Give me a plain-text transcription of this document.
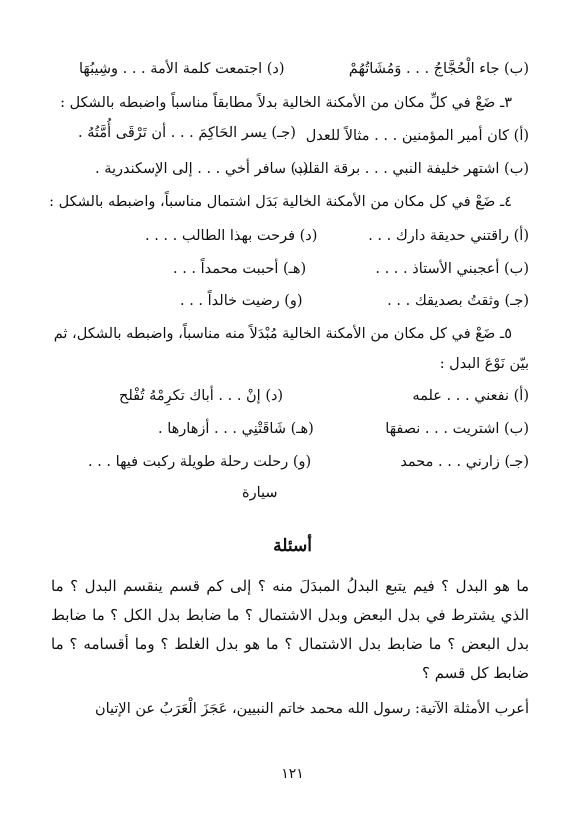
(ب) جاء الْحُجَّاجُ . . . وَمُشَاتُهُمْ
(د) اجتمعت كلمة الأمة . . . وشِيبُهَا
٣ـ ضَعْ في كلِّ مكان من الأمكنة الخالية بدلاً مطابقاً مناسباً واضبطه بالشكل :
(أ) كان أمير المؤمنين . . . مثالاً للعدل
(جـ) يسر الحَاكِمَ . . . أن تَرْقَى أُمَّتُهُ .
(ب) اشتهر خليفة النبي . . . برقة القلب
(د) سافر أخي . . . إلى الإسكندرية .
٤ـ ضَعْ في كل مكان من الأمكنة الخالية بَدَل اشتمال مناسباً، واضبطه بالشكل :
(أ) راقتني حديقة دارك . . .
(د) فرحت بهذا الطالب . . . .
(ب) أعجبني الأستاذ . . . .
(هـ) أحببت محمداً . . .
(جـ) وثقتُ بصديقك . . .
(و) رضيت خالداً . . .
٥ـ ضَعْ في كل مكان من الأمكنة الخالية مُبْدَلاً منه مناسباً، واضبطه بالشكل، ثم
بيّن نَوْعَ البدل :
(أ) نفعني . . . علمه
(د) إنْ . . . أباك تكرِمْهُ تُفْلح
(ب) اشتريت . . . نصفهَا
(هـ) شَاقَتْنِي . . . أزهارها .
(جـ) زارني . . . محمد
(و) رحلت رحلة طويلة ركبت فيها . . .
سيارة
أسئلة
ما هو البدل ؟ فيم يتبع البدلُ المبدَلَ منه ؟ إلى كم قسم ينقسم البدل ؟ ما الذي يشترط في بدل البعض وبدل الاشتمال ؟ ما ضابط بدل الكل ؟ ما ضابط بدل البعض ؟ ما ضابط بدل الاشتمال ؟ ما هو بدل الغلط ؟ وما أقسامه ؟ ما ضابط كل قسم ؟
أعرب الأمثلة الآتية: رسول الله محمد خاتم النبيين، عَجَزَ الْعَرَبُ عن الإتيان
١٢١
